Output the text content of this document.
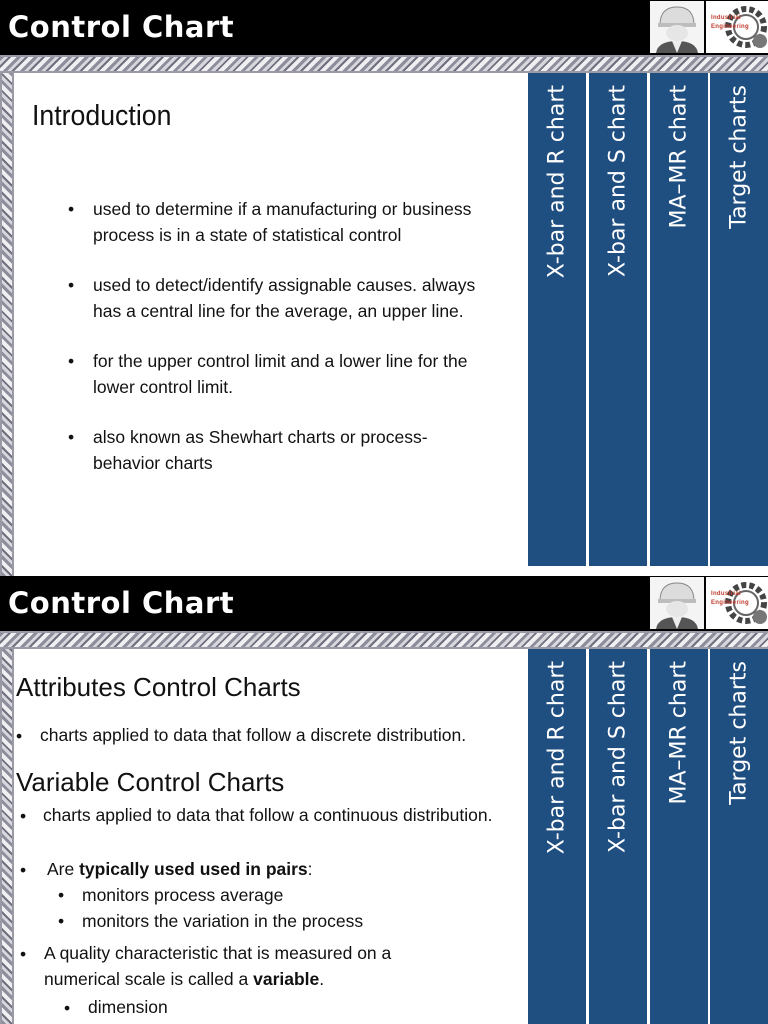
Control Chart	Industrial
Engineering
Introduction
• used to determine if a manufacturing or business process is in a state of statistical control
• used to detect/identify assignable causes. always has a central line for the average, an upper line.
• for the upper control limit and a lower line for the lower control limit.
• also known as Shewhart charts or process-behavior charts
X-bar and R chart X-bar and S chart MA–MR chart Target charts
Control Chart	Industrial
Engineering
Attributes Control Charts
• charts applied to data that follow a discrete distribution.
Variable Control Charts
• charts applied to data that follow a continuous distribution.
• Are typically used used in pairs:
• monitors process average
• monitors the variation in the process
• A quality characteristic that is measured on a
numerical scale is called a variable.
• dimension
X-bar and R chart X-bar and S chart MA–MR chart Target charts
